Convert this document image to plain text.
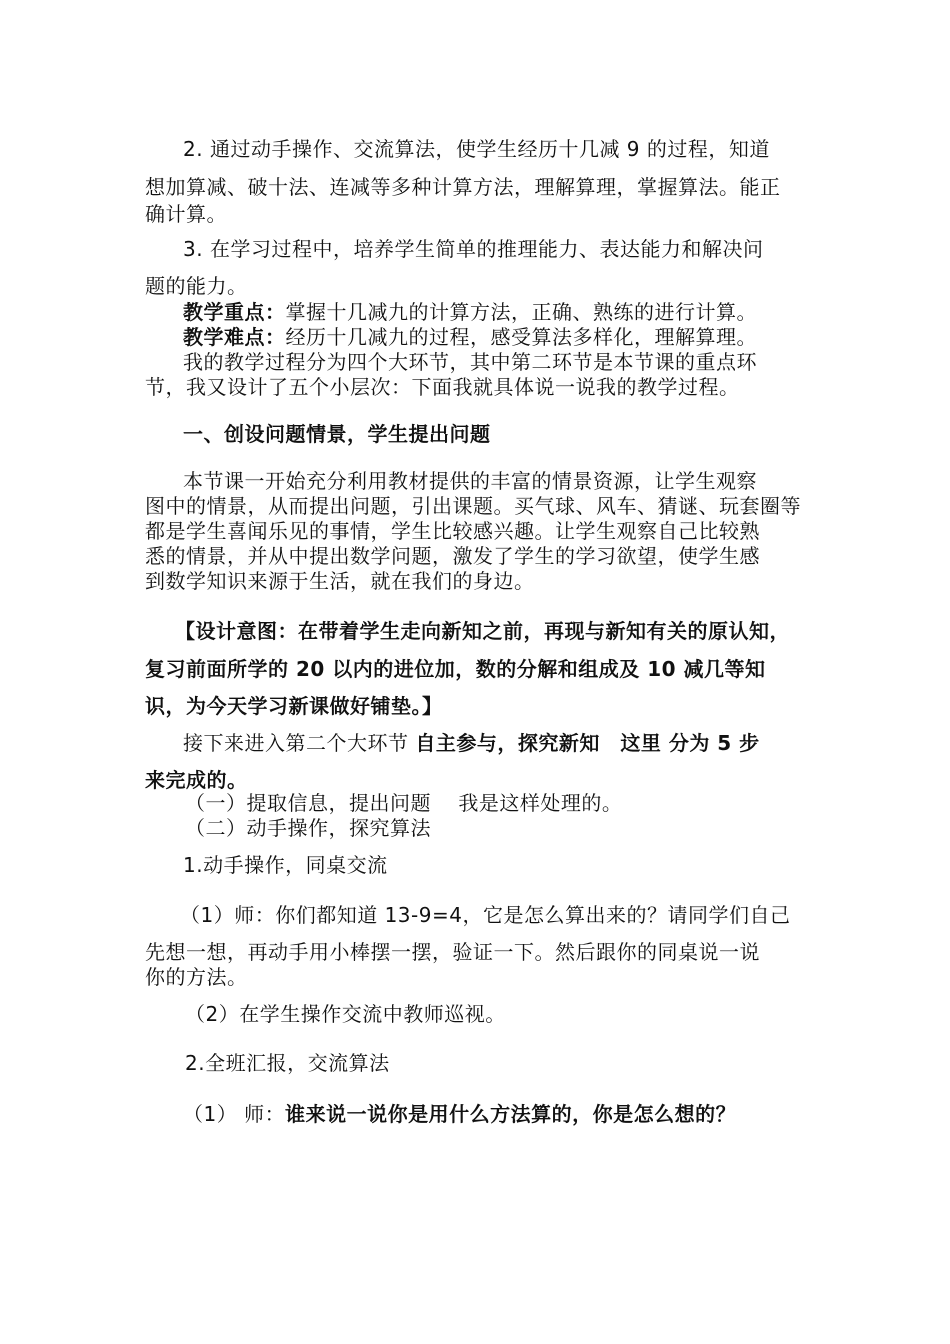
2. 通过动手操作、交流算法，使学生经历十几减 9 的过程，知道
想加算减、破十法、连减等多种计算方法，理解算理，掌握算法。能正
确计算。
3. 在学习过程中，培养学生简单的推理能力、表达能力和解决问
题的能力。
教学重点：掌握十几减九的计算方法，正确、熟练的进行计算。
教学难点：经历十几减九的过程，感受算法多样化，理解算理。
我的教学过程分为四个大环节，其中第二环节是本节课的重点环
节，我又设计了五个小层次：下面我就具体说一说我的教学过程。
一、创设问题情景，学生提出问题
本节课一开始充分利用教材提供的丰富的情景资源，让学生观察
图中的情景，从而提出问题，引出课题。买气球、风车、猜谜、玩套圈等
都是学生喜闻乐见的事情，学生比较感兴趣。让学生观察自己比较熟
悉的情景，并从中提出数学问题，激发了学生的学习欲望，使学生感
到数学知识来源于生活，就在我们的身边。
【设计意图：在带着学生走向新知之前，再现与新知有关的原认知，
复习前面所学的 20 以内的进位加，数的分解和组成及 10 减几等知
识，为今天学习新课做好铺垫。】
接下来进入第二个大环节 自主参与，探究新知　这里 分为 5 步
来完成的。
（一）提取信息，提出问题　 我是这样处理的。
（二）动手操作，探究算法
1.动手操作，同桌交流
（1）师：你们都知道 13-9=4，它是怎么算出来的？请同学们自己
先想一想，再动手用小棒摆一摆，验证一下。然后跟你的同桌说一说
你的方法。
（2）在学生操作交流中教师巡视。
2.全班汇报，交流算法
（1） 师：谁来说一说你是用什么方法算的，你是怎么想的？
